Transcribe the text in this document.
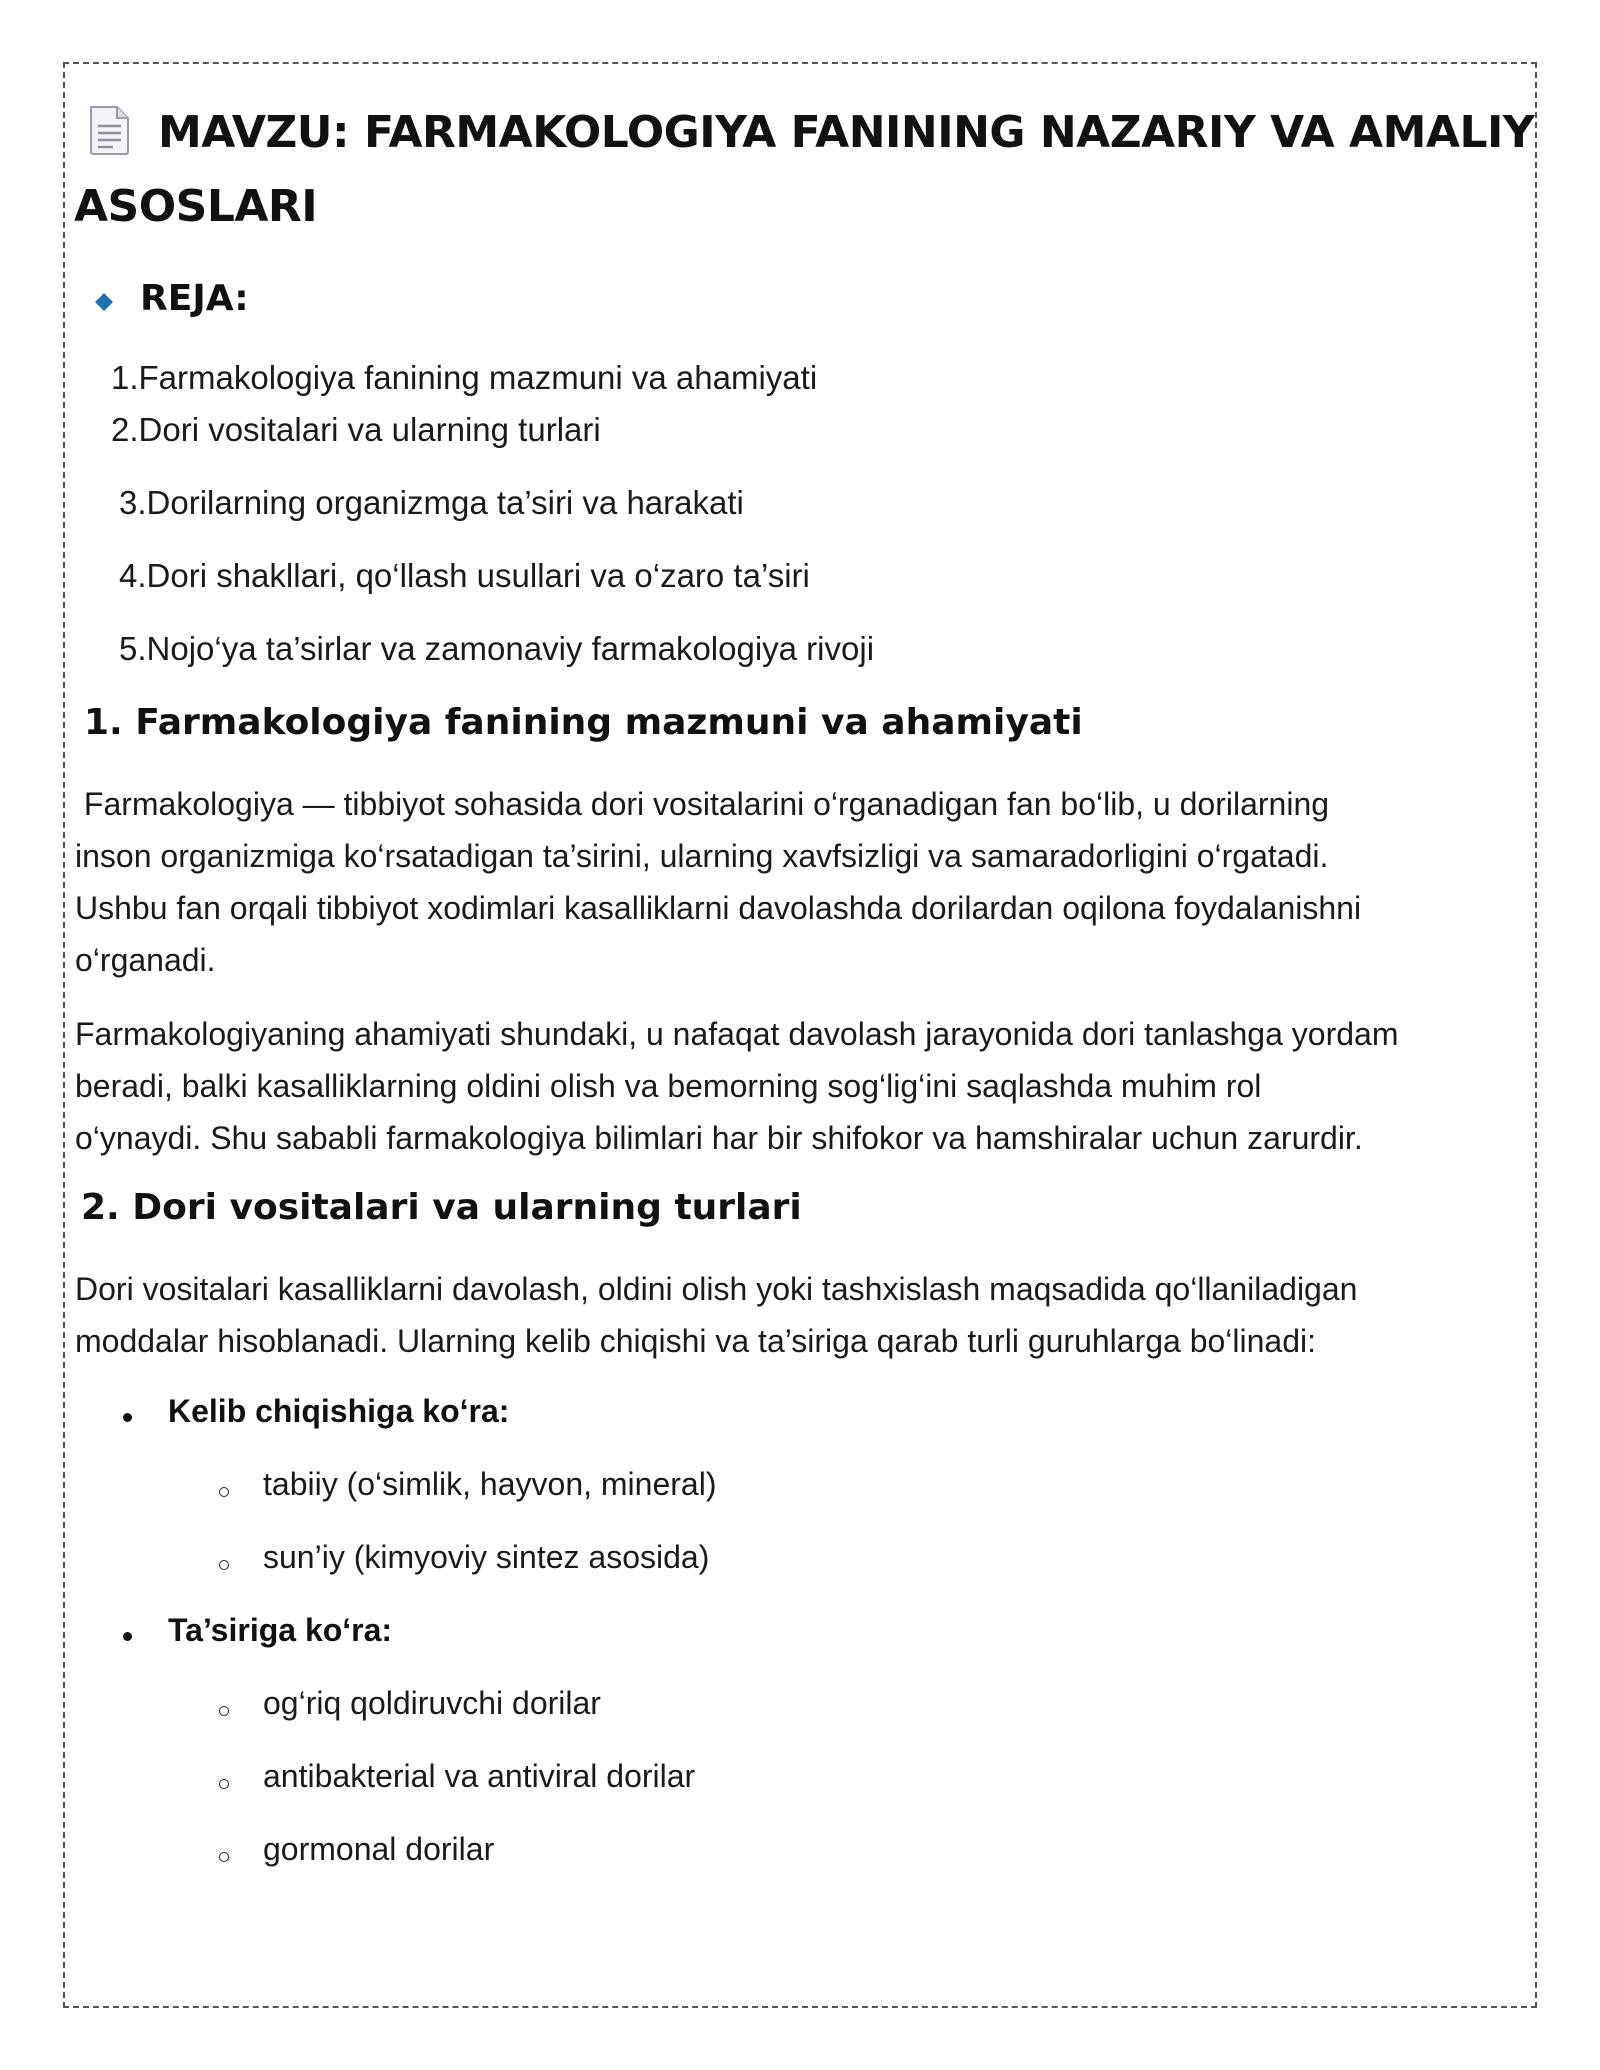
MAVZU: FARMAKOLOGIYA FANINING NAZARIY VA AMALIY
ASOSLARI
REJA:
1.Farmakologiya fanining mazmuni va ahamiyati
2.Dori vositalari va ularning turlari
3.Dorilarning organizmga ta’siri va harakati
4.Dori shakllari, qo‘llash usullari va o‘zaro ta’siri
5.Nojo‘ya ta’sirlar va zamonaviy farmakologiya rivoji
1. Farmakologiya fanining mazmuni va ahamiyati
Farmakologiya — tibbiyot sohasida dori vositalarini o‘rganadigan fan bo‘lib, u dorilarning
inson organizmiga ko‘rsatadigan ta’sirini, ularning xavfsizligi va samaradorligini o‘rgatadi.
Ushbu fan orqali tibbiyot xodimlari kasalliklarni davolashda dorilardan oqilona foydalanishni
o‘rganadi.
Farmakologiyaning ahamiyati shundaki, u nafaqat davolash jarayonida dori tanlashga yordam
beradi, balki kasalliklarning oldini olish va bemorning sog‘lig‘ini saqlashda muhim rol
o‘ynaydi. Shu sababli farmakologiya bilimlari har bir shifokor va hamshiralar uchun zarurdir.
2. Dori vositalari va ularning turlari
Dori vositalari kasalliklarni davolash, oldini olish yoki tashxislash maqsadida qo‘llaniladigan
moddalar hisoblanadi. Ularning kelib chiqishi va ta’siriga qarab turli guruhlarga bo‘linadi:
Kelib chiqishiga ko‘ra:
tabiiy (o‘simlik, hayvon, mineral)
sun’iy (kimyoviy sintez asosida)
Ta’siriga ko‘ra:
og‘riq qoldiruvchi dorilar
antibakterial va antiviral dorilar
gormonal dorilar
